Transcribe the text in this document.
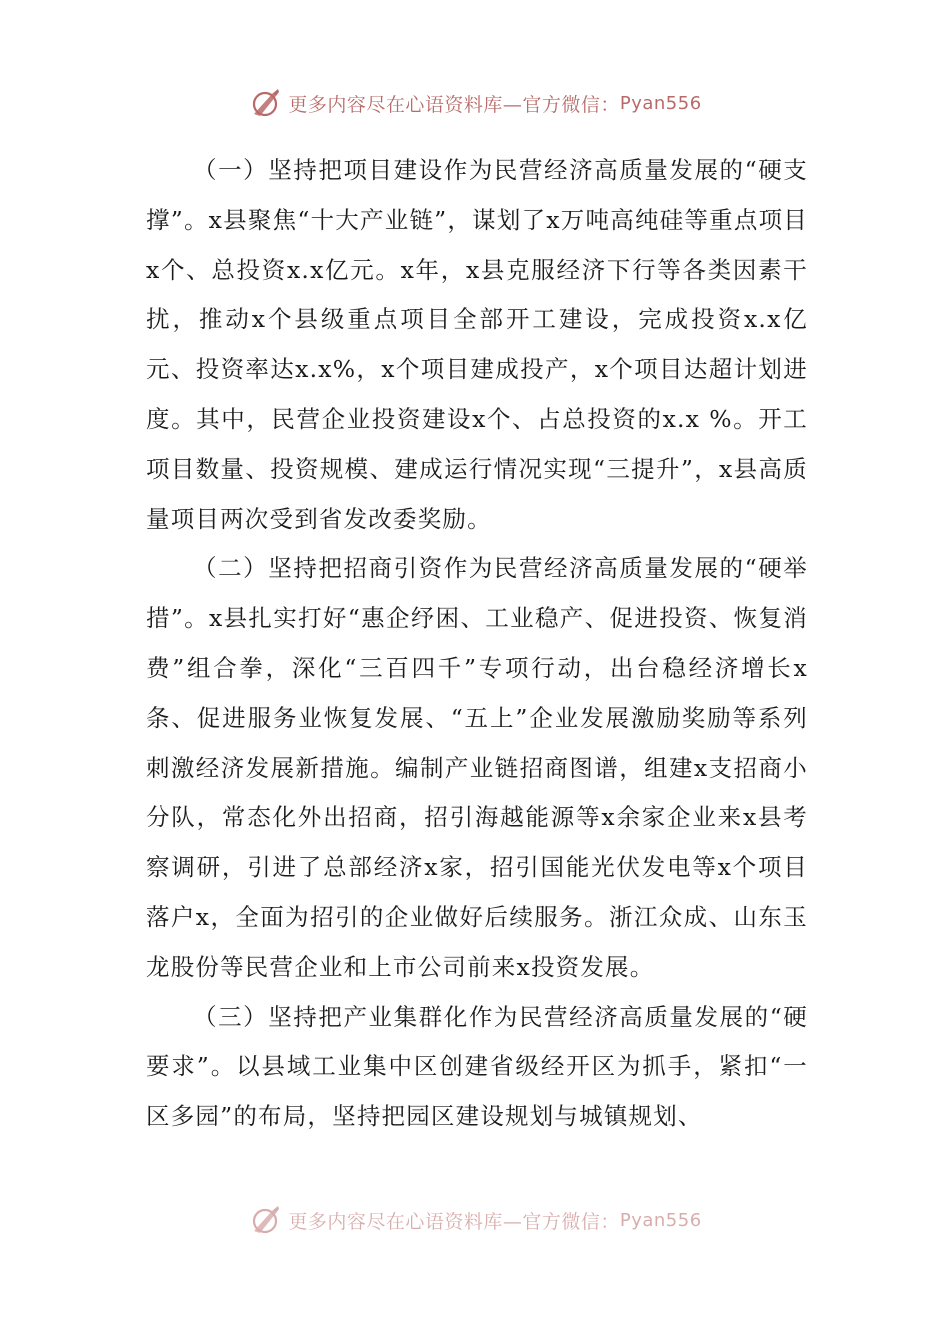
更多内容尽在心语资料库—官方微信： Pyan556

（一）坚持把项目建设作为民营经济高质量发展的“硬支撑”。x县聚焦“十大产业链”，谋划了x万吨高纯硅等重点项目x个、总投资x.x亿元。x年，x县克服经济下行等各类因素干扰，推动x个县级重点项目全部开工建设，完成投资x.x亿元、投资率达x.x%，x个项目建成投产，x个项目达超计划进度。其中，民营企业投资建设x个、占总投资的x.x %。开工项目数量、投资规模、建成运行情况实现“三提升”，x县高质量项目两次受到省发改委奖励。

（二）坚持把招商引资作为民营经济高质量发展的“硬举措”。x县扎实打好“惠企纾困、工业稳产、促进投资、恢复消费”组合拳，深化“三百四千”专项行动，出台稳经济增长x条、促进服务业恢复发展、“五上”企业发展激励奖励等系列刺激经济发展新措施。编制产业链招商图谱，组建x支招商小分队，常态化外出招商，招引海越能源等x余家企业来x县考察调研，引进了总部经济x家，招引国能光伏发电等x个项目落户x，全面为招引的企业做好后续服务。浙江众成、山东玉龙股份等民营企业和上市公司前来x投资发展。

（三）坚持把产业集群化作为民营经济高质量发展的“硬要求”。以县域工业集中区创建省级经开区为抓手，紧扣“一区多园”的布局，坚持把园区建设规划与城镇规划、

更多内容尽在心语资料库—官方微信： Pyan556
